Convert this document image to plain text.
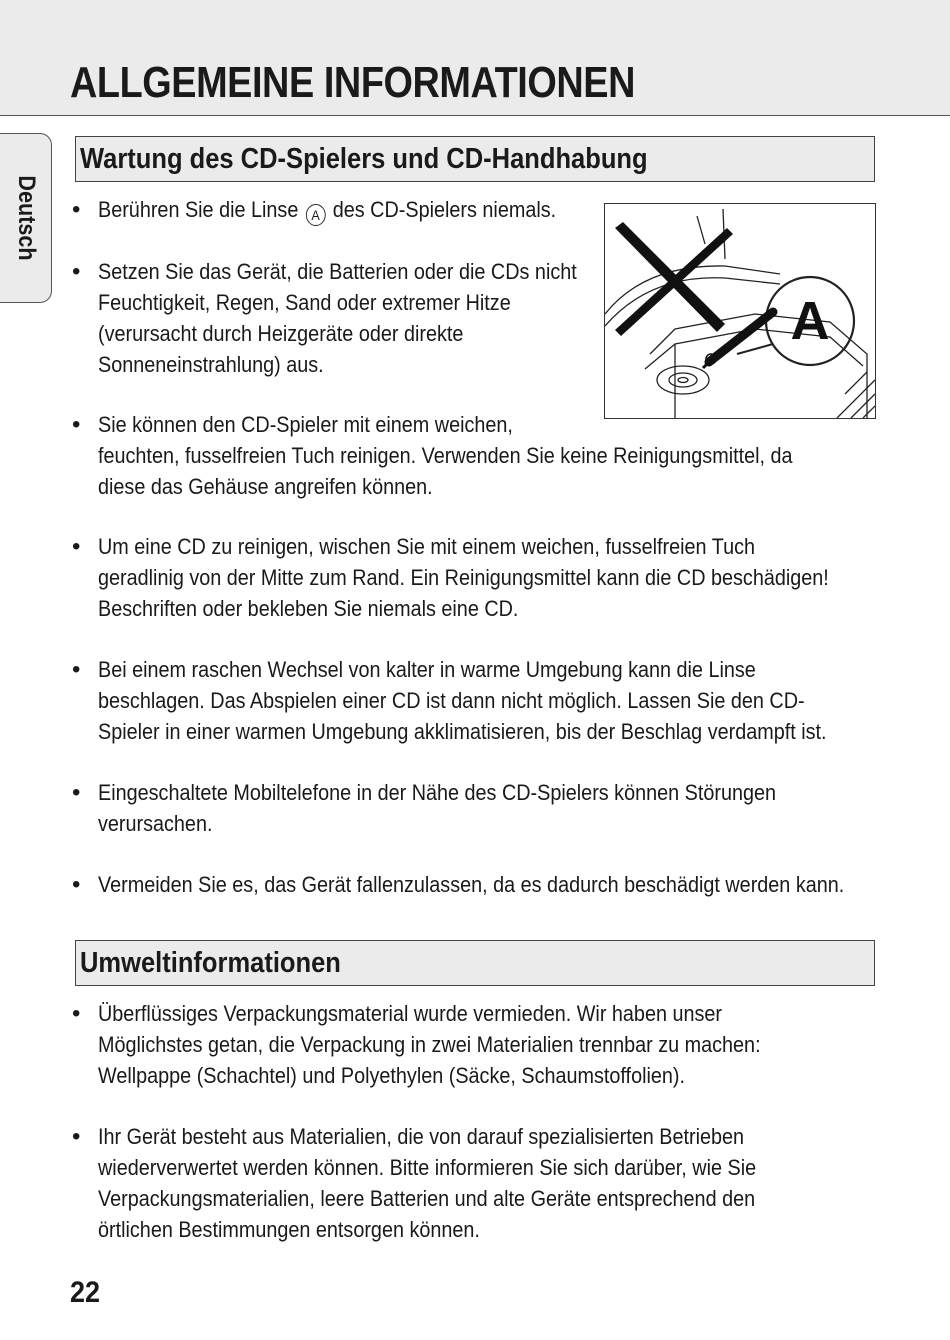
ALLGEMEINE INFORMATIONEN
Deutsch
Wartung des CD-Spielers und CD-Handhabung
• Berühren Sie die Linse A des CD-Spielers niemals.
• Setzen Sie das Gerät, die Batterien oder die CDs nicht
Feuchtigkeit, Regen, Sand oder extremer Hitze
(verursacht durch Heizgeräte oder direkte
Sonneneinstrahlung) aus.
• Sie können den CD-Spieler mit einem weichen,
feuchten, fusselfreien Tuch reinigen. Verwenden Sie keine Reinigungsmittel, da
diese das Gehäuse angreifen können.
• Um eine CD zu reinigen, wischen Sie mit einem weichen, fusselfreien Tuch
geradlinig von der Mitte zum Rand. Ein Reinigungsmittel kann die CD beschädigen!
Beschriften oder bekleben Sie niemals eine CD.
• Bei einem raschen Wechsel von kalter in warme Umgebung kann die Linse
beschlagen. Das Abspielen einer CD ist dann nicht möglich. Lassen Sie den CD-
Spieler in einer warmen Umgebung akklimatisieren, bis der Beschlag verdampft ist.
• Eingeschaltete Mobiltelefone in der Nähe des CD-Spielers können Störungen
verursachen.
• Vermeiden Sie es, das Gerät fallenzulassen, da es dadurch beschädigt werden kann.
A
Umweltinformationen
• Überflüssiges Verpackungsmaterial wurde vermieden. Wir haben unser
Möglichstes getan, die Verpackung in zwei Materialien trennbar zu machen:
Wellpappe (Schachtel) und Polyethylen (Säcke, Schaumstoffolien).
• Ihr Gerät besteht aus Materialien, die von darauf spezialisierten Betrieben
wiederverwertet werden können. Bitte informieren Sie sich darüber, wie Sie
Verpackungsmaterialien, leere Batterien und alte Geräte entsprechend den
örtlichen Bestimmungen entsorgen können.
22
